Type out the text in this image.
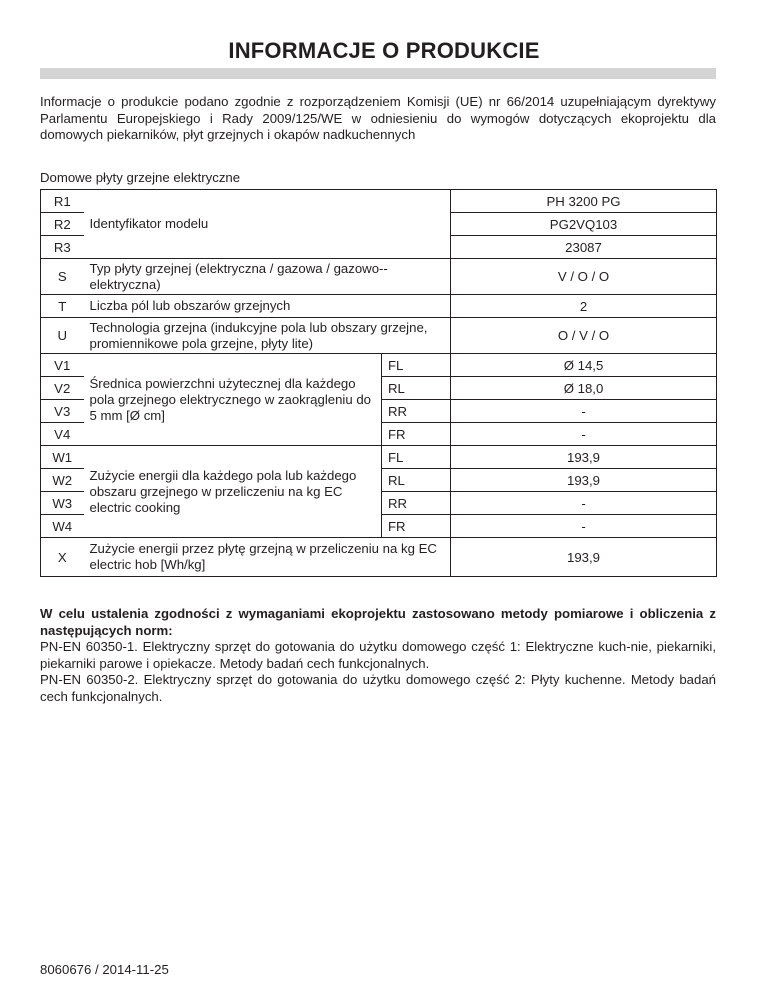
INFORMACJE O PRODUKCIE
Informacje o produkcie podano zgodnie z rozporządzeniem Komisji (UE) nr 66/2014 uzupełniającym dyrektywy Parlamentu Europejskiego i Rady 2009/125/WE w odniesieniu do wymogów dotyczących ekoprojektu dla domowych piekarników, płyt grzejnych i okapów nadkuchennych
Domowe płyty grzejne elektryczne
R1	Identyfikator modelu		PH 3200 PG
R2			PG2VQ103
R3			23087
S	Typ płyty grzejnej (elektryczna / gazowa / gazowo--elektryczna)		V / O / O
T	Liczba pól lub obszarów grzejnych		2
U	Technologia grzejna (indukcyjne pola lub obszary grzejne, promiennikowe pola grzejne, płyty lite)		O / V / O
V1	Średnica powierzchni użytecznej dla każdego pola grzejnego elektrycznego w zaokrągleniu do 5 mm [Ø cm]	FL	Ø 14,5
V2		RL	Ø 18,0
V3		RR	-
V4		FR	-
W1	Zużycie energii dla każdego pola lub każdego obszaru grzejnego w przeliczeniu na kg EC electric cooking	FL	193,9
W2		RL	193,9
W3		RR	-
W4		FR	-
X	Zużycie energii przez płytę grzejną w przeliczeniu na kg EC electric hob [Wh/kg]		193,9

W celu ustalenia zgodności z wymaganiami ekoprojektu zastosowano metody pomiarowe i obliczenia z następujących norm:

PN-EN 60350-1. Elektryczny sprzęt do gotowania do użytku domowego część 1: Elektryczne kuch-nie, piekarniki, piekarniki parowe i opiekacze. Metody badań cech funkcjonalnych.

PN-EN 60350-2. Elektryczny sprzęt do gotowania do użytku domowego część 2: Płyty kuchenne. Metody badań cech funkcjonalnych.

8060676 / 2014-11-25
